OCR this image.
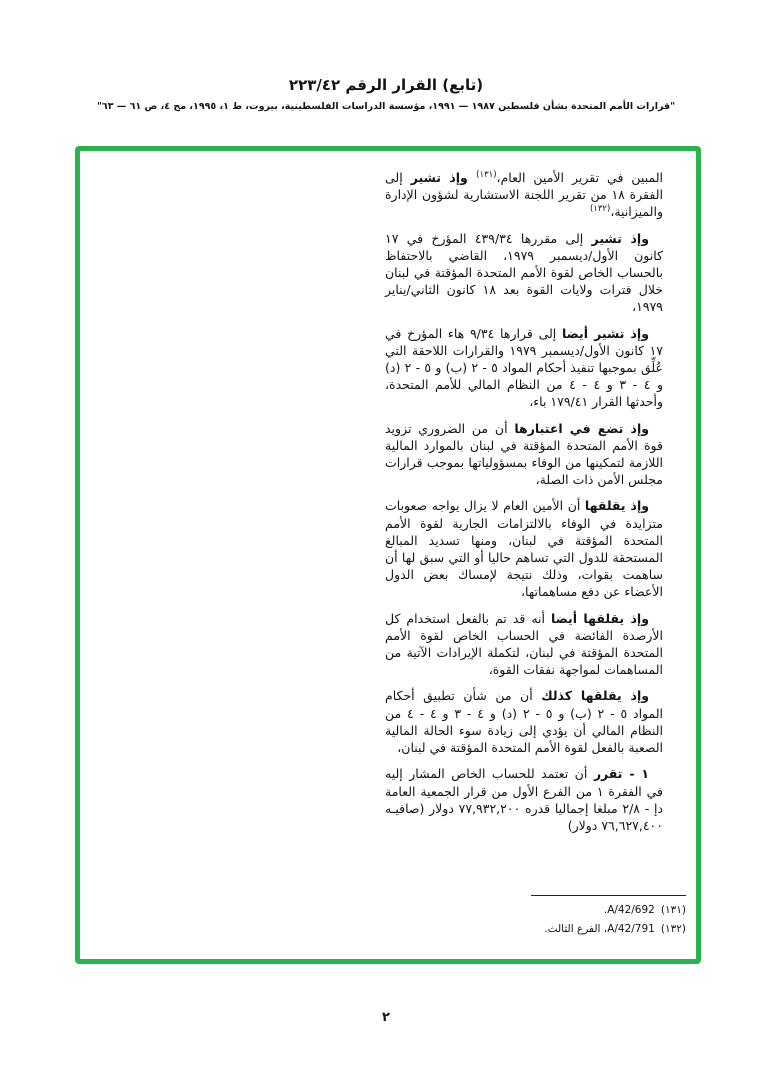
(تابع) القرار الرقم ٢٢٣/٤٢
"قرارات الأمم المتحدة بشأن فلسطين ١٩٨٧ — ١٩٩١، مؤسسة الدراسات الفلسطينية، بيروت، ط ١، ١٩٩٥، مج ٤، ص ٦١ — ٦٣"

المبين في تقرير الأمين العام،$^{(١٣١)}$ وإذ تشير إلى الفقرة ١٨ من تقرير اللجنة الاستشارية لشؤون الإدارة والميزانية،$^{(١٣٢)}$

وإذ تشير إلى مقررها ٤٣٩/٣٤ المؤرخ في ١٧ كانون الأول/ديسمبر ١٩٧٩، القاضي بالاحتفاظ بالحساب الخاص لقوة الأمم المتحدة المؤقتة في لبنان خلال فترات ولايات القوة بعد ١٨ كانون الثاني/يناير ١٩٧٩،

وإذ تشير أيضا إلى قرارها ٩/٣٤ هاء المؤرخ في ١٧ كانون الأول/ديسمبر ١٩٧٩ والقرارات اللاحقة التي عُلِّق بموجبها تنفيذ أحكام المواد ٥ - ٢ (ب) و ٥ - ٢ (د) و ٤ - ٣ و ٤ - ٤ من النظام المالي للأمم المتحدة، وأحدثها القرار ١٧٩/٤١ باء،

وإذ تضع في اعتبارها أن من الضروري تزويد قوة الأمم المتحدة المؤقتة في لبنان بالموارد المالية اللازمة لتمكينها من الوفاء بمسؤولياتها بموجب قرارات مجلس الأمن ذات الصلة،

وإذ يقلقها أن الأمين العام لا يزال يواجه صعوبات متزايدة في الوفاء بالالتزامات الجارية لقوة الأمم المتحدة المؤقتة في لبنان، ومنها تسديد المبالغ المستحقة للدول التي تساهم حاليا أو التي سبق لها أن ساهمت بقوات، وذلك نتيجة لإمساك بعض الدول الأعضاء عن دفع مساهماتها،

وإذ يقلقها أيضا أنه قد تم بالفعل استخدام كل الأرصدة الفائضة في الحساب الخاص لقوة الأمم المتحدة المؤقتة في لبنان، لتكملة الإيرادات الآتية من المساهمات لمواجهة نفقات القوة،

وإذ يقلقها كذلك أن من شأن تطبيق أحكام المواد ٥ - ٢ (ب) و ٥ - ٢ (د) و ٤ - ٣ و ٤ - ٤ من النظام المالي أن يؤدي إلى زيادة سوء الحالة المالية الصعبة بالفعل لقوة الأمم المتحدة المؤقتة في لبنان،

١ - تقرر أن تعتمد للحساب الخاص المشار إليه في الفقرة ١ من الفرع الأول من قرار الجمعية العامة دإ - ٢/٨ مبلغا إجماليا قدره ٧٧,٩٣٢,٢٠٠ دولار (صافيـه ٧٦,٦٢٧,٤٠٠ دولار)

(١٣١)A/42/692.
(١٣٢)A/42/791، الفرع الثالث.
٢
